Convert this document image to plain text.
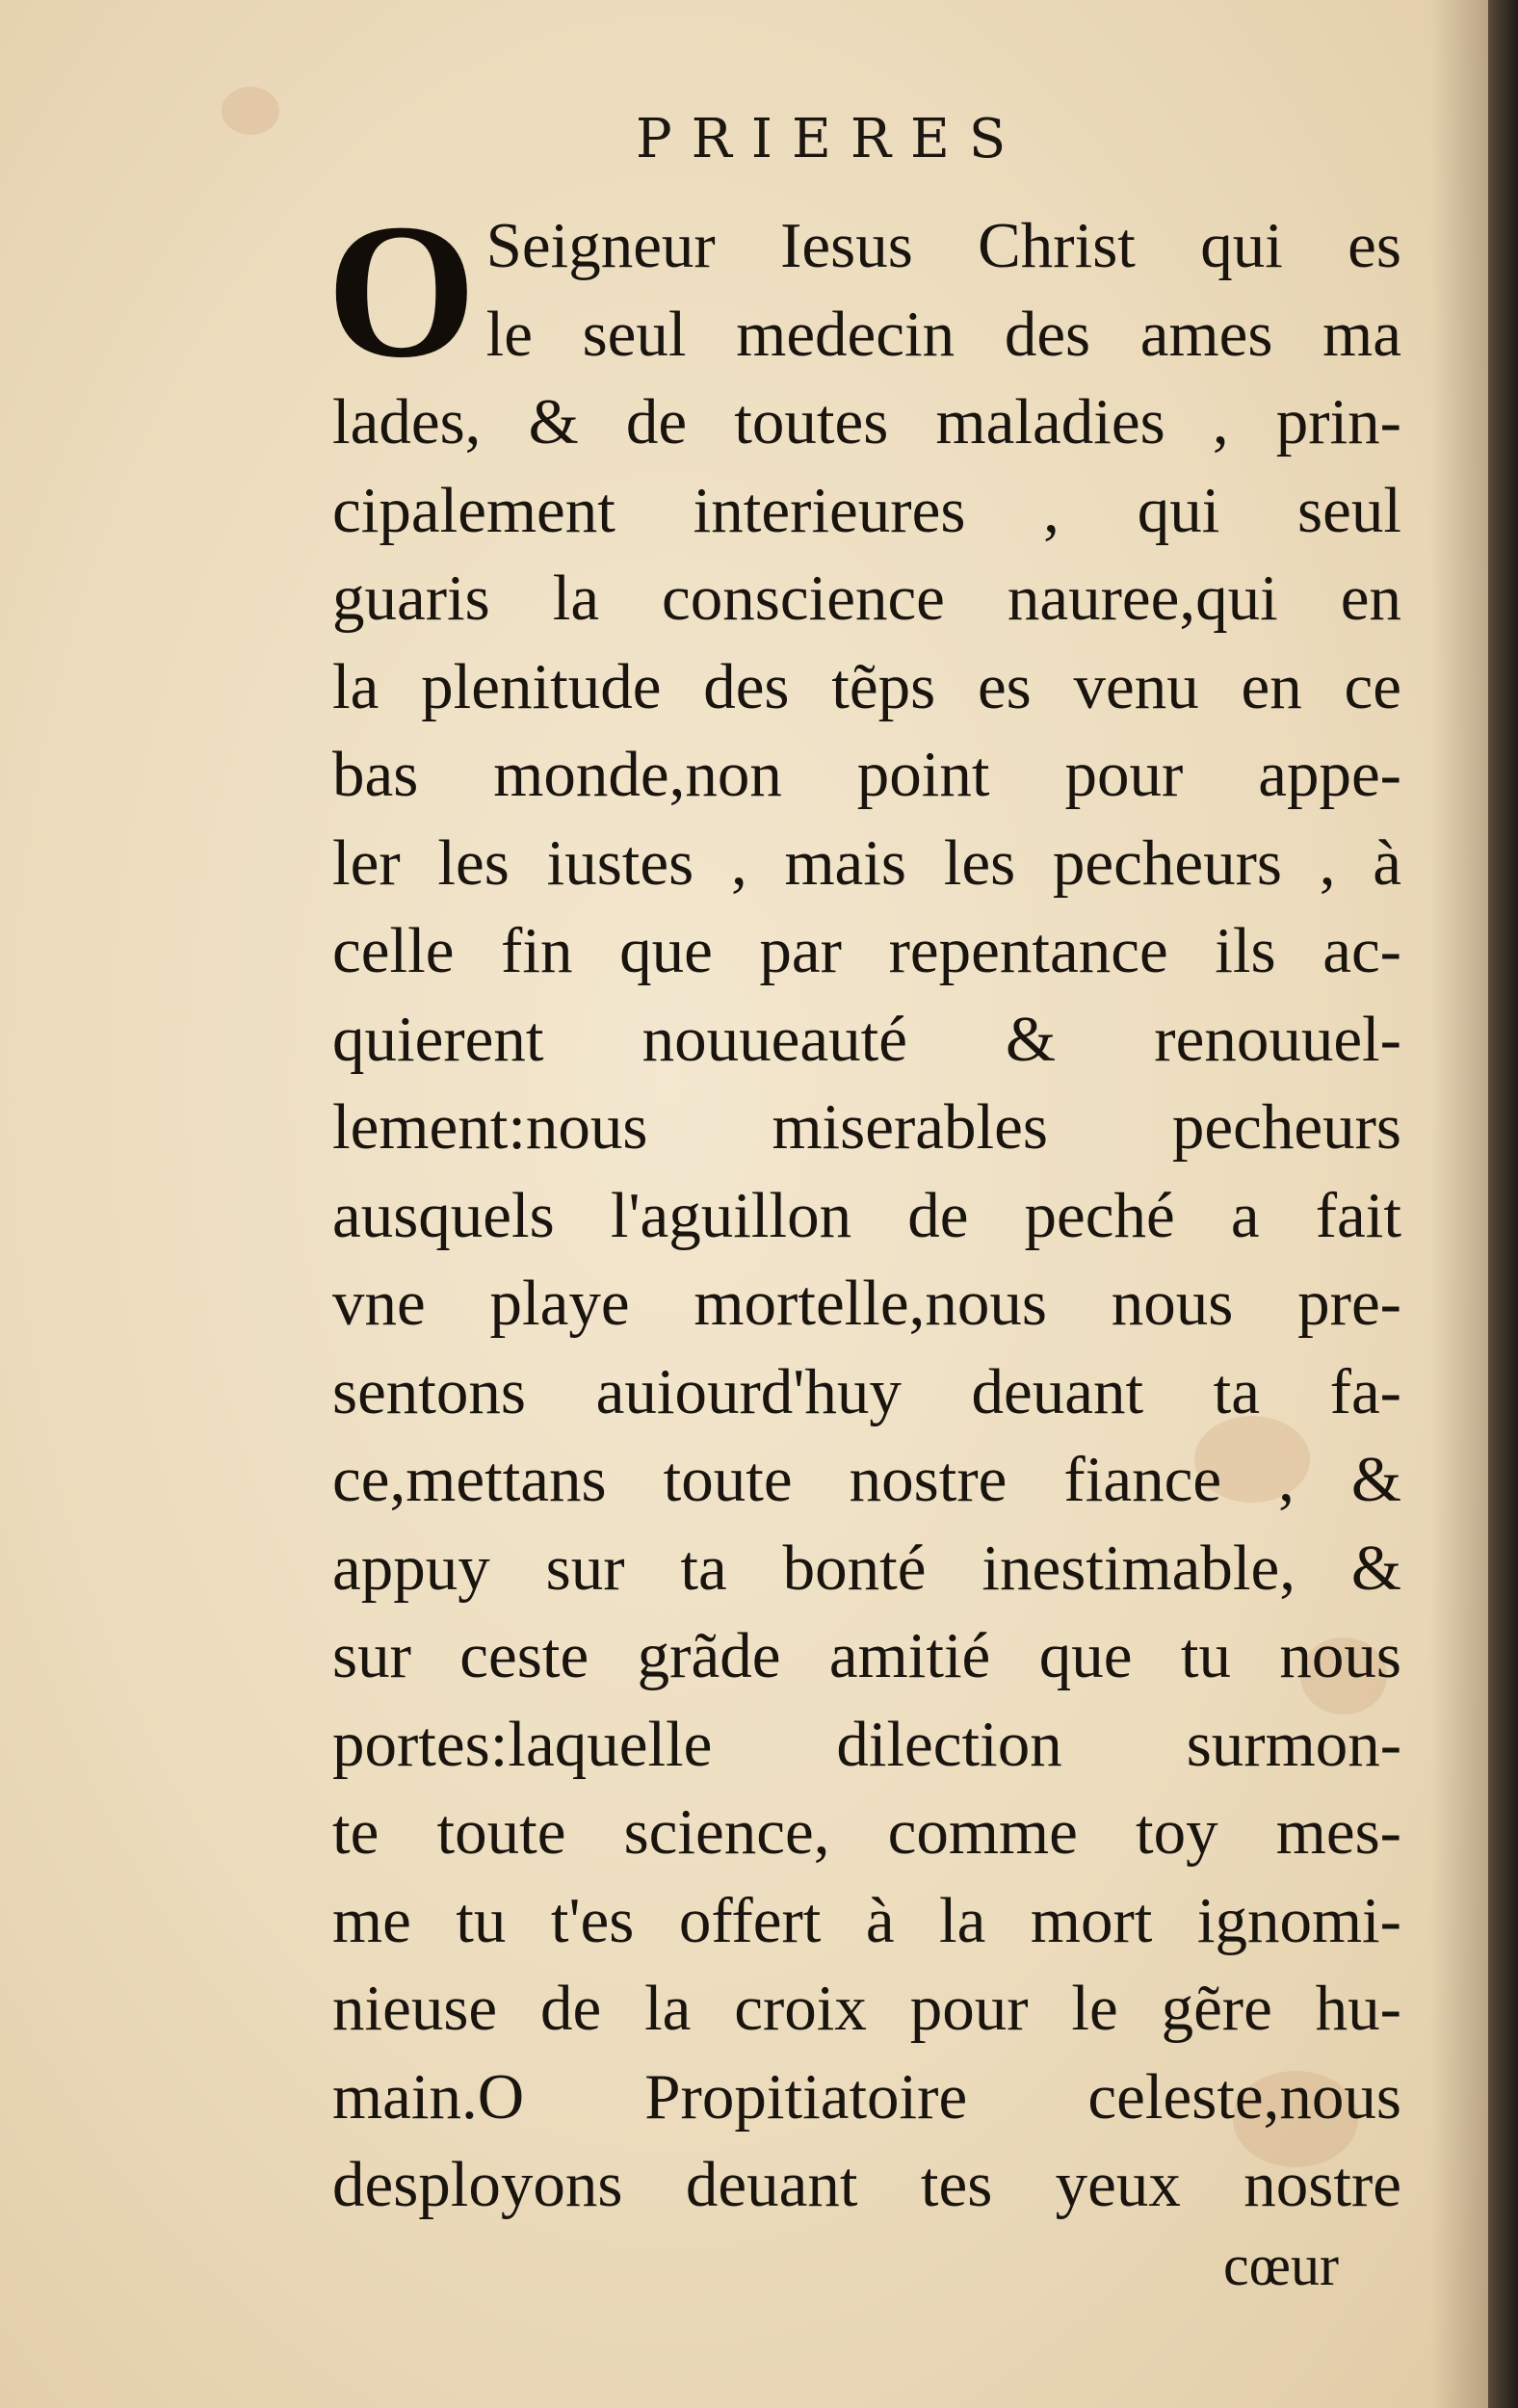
PRIERES
O Seigneur Iesus Christ qui es
le seul medecin des ames ma
lades, & de toutes maladies , prin-
cipalement interieures , qui seul
guaris la conscience nauree,qui en
la plenitude des tẽps es venu en ce
bas monde,non point pour appe-
ler les iustes , mais les pecheurs , à
celle fin que par repentance ils ac-
quierent nouueauté & renouuel-
lement:nous miserables pecheurs
ausquels l'aguillon de peché a fait
vne playe mortelle,nous nous pre-
sentons auiourd'huy deuant ta fa-
ce,mettans toute nostre fiance , &
appuy sur ta bonté inestimable, &
sur ceste grãde amitié que tu nous
portes:laquelle dilection surmon-
te toute science, comme toy mes-
me tu t'es offert à la mort ignomi-
nieuse de la croix pour le gẽre hu-
main.O Propitiatoire celeste,nous
desployons deuant tes yeux nostre
cœur
